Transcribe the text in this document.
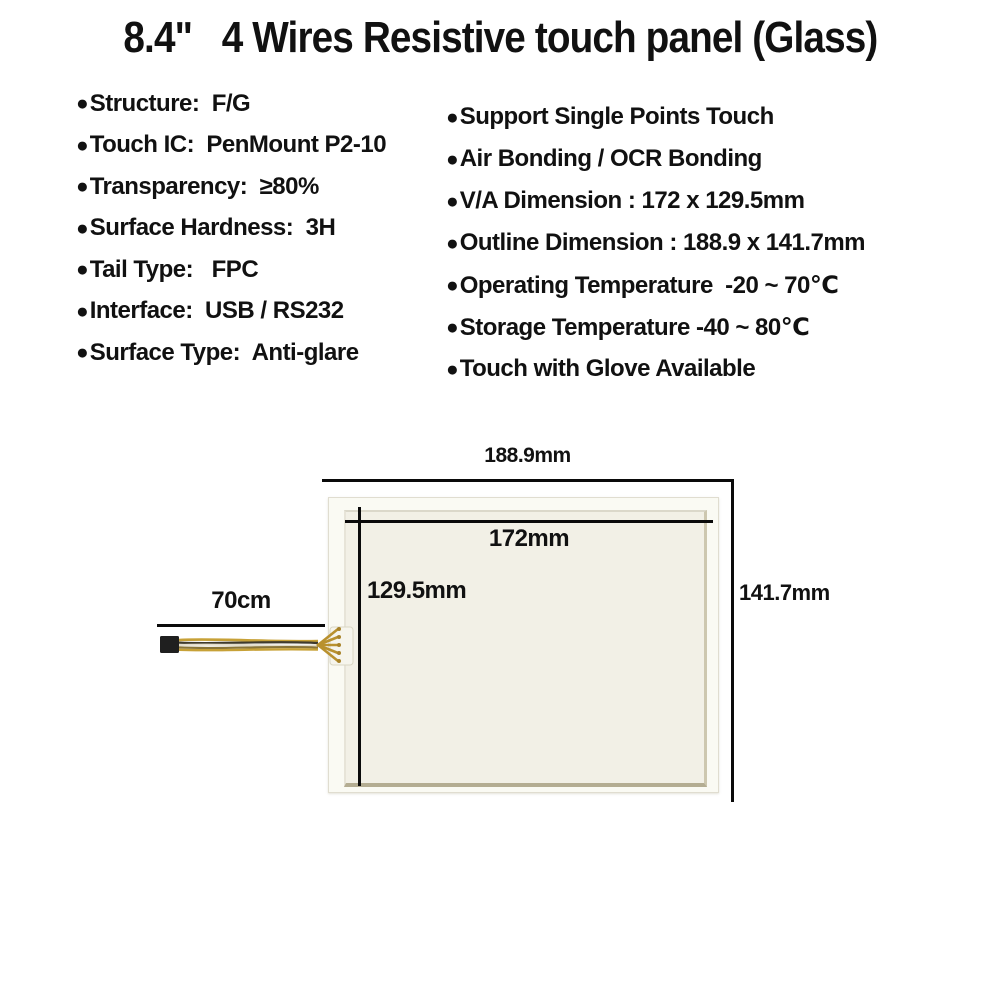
8.4"   4 Wires Resistive touch panel (Glass)
● Structure:  F/G
● Touch IC:  PenMount P2-10
● Transparency:  ≥80%
● Surface Hardness:  3H
● Tail Type:   FPC
● Interface:  USB / RS232
● Surface Type:  Anti-glare
● Support Single Points Touch
● Air Bonding / OCR Bonding
● V/A Dimension : 172 x 129.5mm
● Outline Dimension : 188.9 x 141.7mm
● Operating Temperature  -20 ~ 70℃
● Storage Temperature -40 ~ 80℃
● Touch with Glove Available
188.9mm
172mm
129.5mm	141.7mm
70cm
